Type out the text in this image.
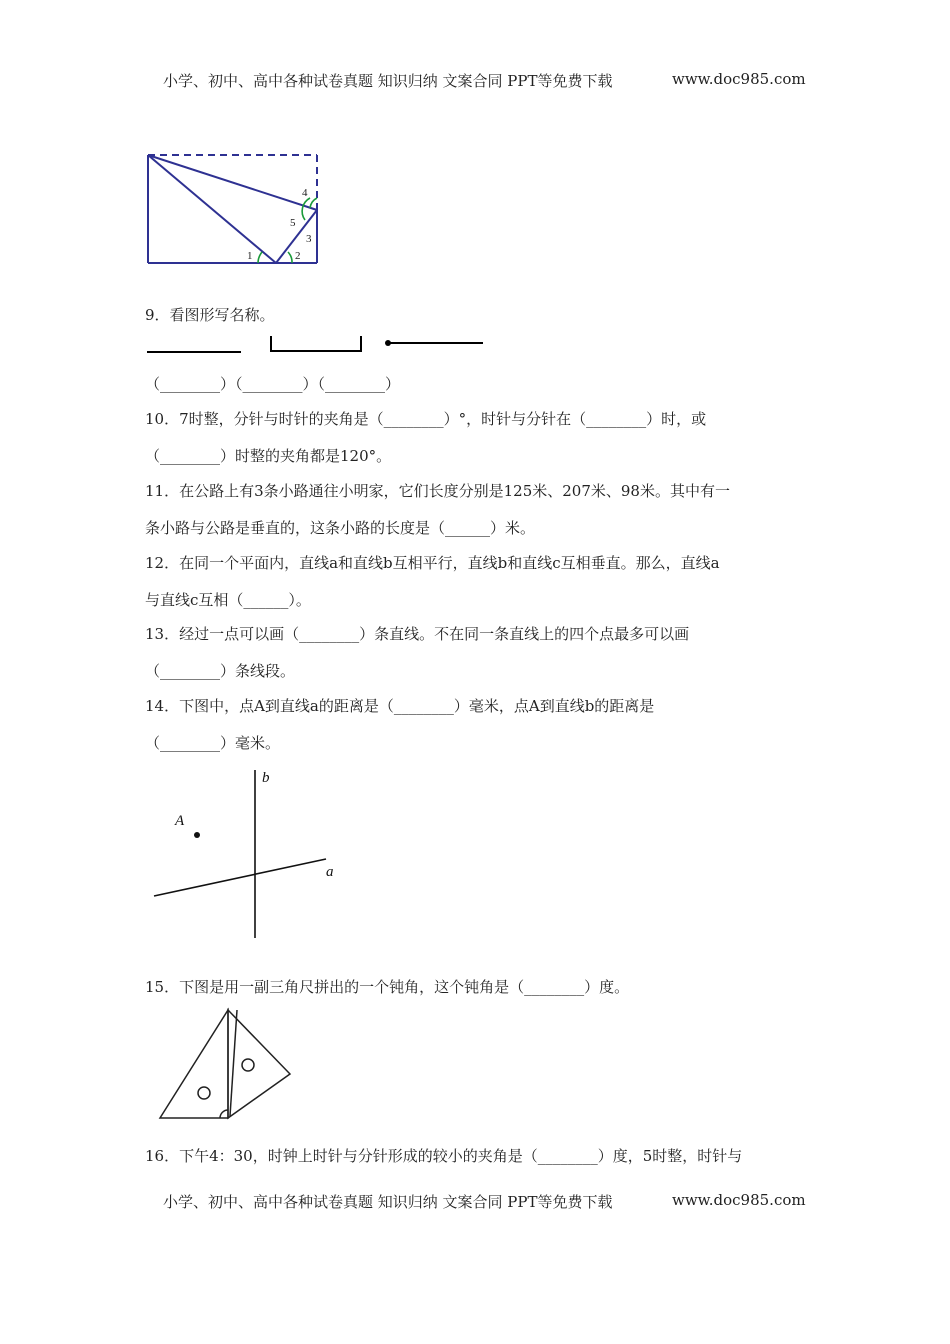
小学、初中、高中各种试卷真题 知识归纳 文案合同 PPT等免费下载	www.doc985.com
1	2
3
4
5
9．看图形写名称。
（________）（________）（________）
10．7时整，分针与时针的夹角是（________）°，时针与分针在（________）时，或
（________）时整的夹角都是120°。
11．在公路上有3条小路通往小明家，它们长度分别是125米、207米、98米。其中有一
条小路与公路是垂直的，这条小路的长度是（______）米。
12．在同一个平面内，直线a和直线b互相平行，直线b和直线c互相垂直。那么，直线a
与直线c互相（______）。
13．经过一点可以画（________）条直线。不在同一条直线上的四个点最多可以画
（________）条线段。
14．下图中，点A到直线a的距离是（________）毫米，点A到直线b的距离是
（________）毫米。
A
a
b
15．下图是用一副三角尺拼出的一个钝角，这个钝角是（________）度。
16．下午4：30，时钟上时针与分针形成的较小的夹角是（________）度，5时整，时针与
小学、初中、高中各种试卷真题 知识归纳 文案合同 PPT等免费下载	www.doc985.com
